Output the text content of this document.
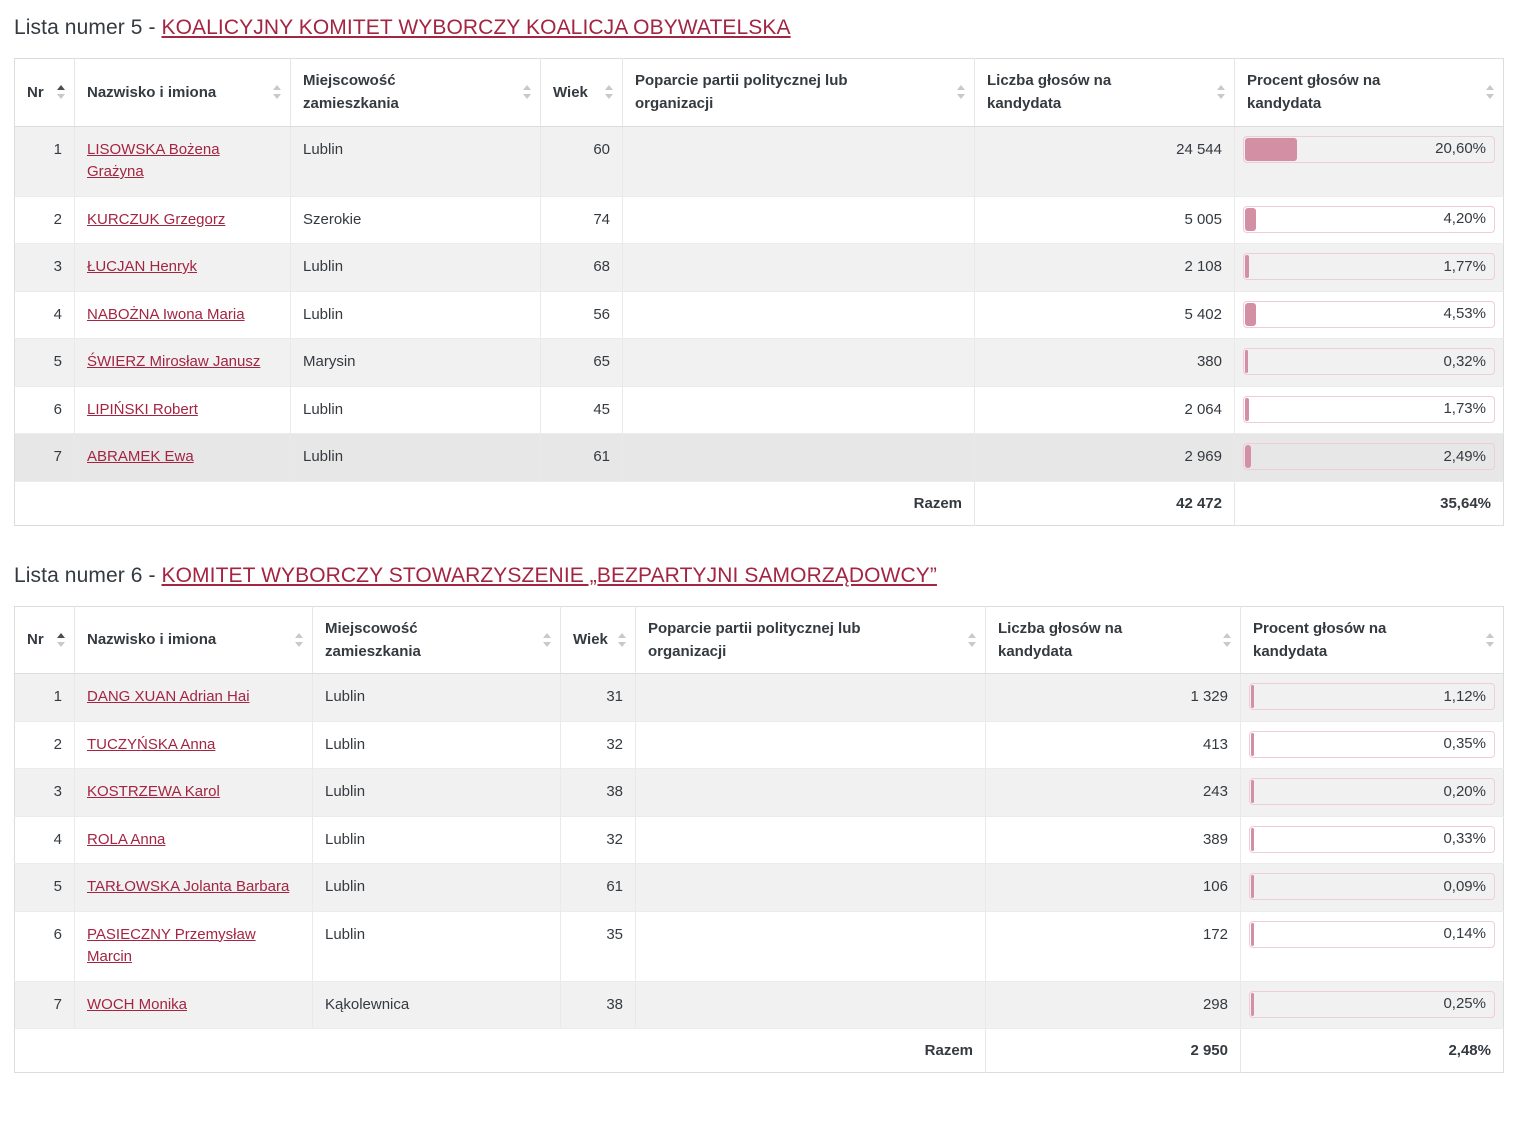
Lista numer 5 - KOALICYJNY KOMITET WYBORCZY KOALICJA OBYWATELSKA
Nr	Nazwisko i imiona	Miejscowość zamieszkania	Wiek	Poparcie partii politycznej lub organizacji	Liczba głosów na kandydata	Procent głosów na kandydata

1	LISOWSKA Bożena Grażyna	Lublin	60		24 544	20,60%

2	KURCZUK Grzegorz	Szerokie	74		5 005	4,20%

3	ŁUCJAN Henryk	Lublin	68		2 108	1,77%

4	NABOŻNA Iwona Maria	Lublin	56		5 402	4,53%

5	ŚWIERZ Mirosław Janusz	Marysin	65		380	0,32%

6	LIPIŃSKI Robert	Lublin	45		2 064	1,73%

7	ABRAMEK Ewa	Lublin	61		2 969	2,49%

Razem					42 472	35,64%
Lista numer 6 - KOMITET WYBORCZY STOWARZYSZENIE „BEZPARTYJNI SAMORZĄDOWCY”
Nr	Nazwisko i imiona	Miejscowość zamieszkania	Wiek	Poparcie partii politycznej lub organizacji	Liczba głosów na kandydata	Procent głosów na kandydata

1	DANG XUAN Adrian Hai	Lublin	31		1 329	1,12%

2	TUCZYŃSKA Anna	Lublin	32		413	0,35%

3	KOSTRZEWA Karol	Lublin	38		243	0,20%

4	ROLA Anna	Lublin	32		389	0,33%

5	TARŁOWSKA Jolanta Barbara	Lublin	61		106	0,09%

6	PASIECZNY Przemysław Marcin	Lublin	35		172	0,14%

7	WOCH Monika	Kąkolewnica	38		298	0,25%

Razem					2 950	2,48%
